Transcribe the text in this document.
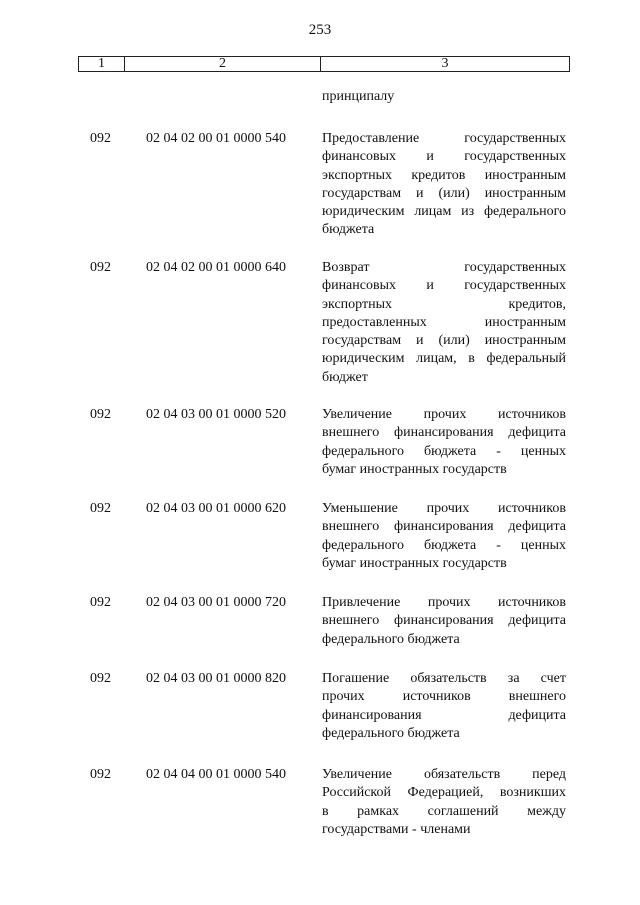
253
1	2	3
принципалу
092	02 04 02 00 01 0000 540	Предоставление государственных
финансовых и государственных
экспортных кредитов иностранным
государствам и (или) иностранным
юридическим лицам из федерального
бюджета
092	02 04 02 00 01 0000 640	Возврат государственных
финансовых и государственных
экспортных кредитов,
предоставленных иностранным
государствам и (или) иностранным
юридическим лицам, в федеральный
бюджет
092	02 04 03 00 01 0000 520	Увеличение прочих источников
внешнего финансирования дефицита
федерального бюджета - ценных
бумаг иностранных государств
092	02 04 03 00 01 0000 620	Уменьшение прочих источников
внешнего финансирования дефицита
федерального бюджета - ценных
бумаг иностранных государств
092	02 04 03 00 01 0000 720	Привлечение прочих источников
внешнего финансирования дефицита
федерального бюджета
092	02 04 03 00 01 0000 820	Погашение обязательств за счет
прочих источников внешнего
финансирования дефицита
федерального бюджета
092	02 04 04 00 01 0000 540	Увеличение обязательств перед
Российской Федерацией, возникших
в рамках соглашений между
государствами - членами
